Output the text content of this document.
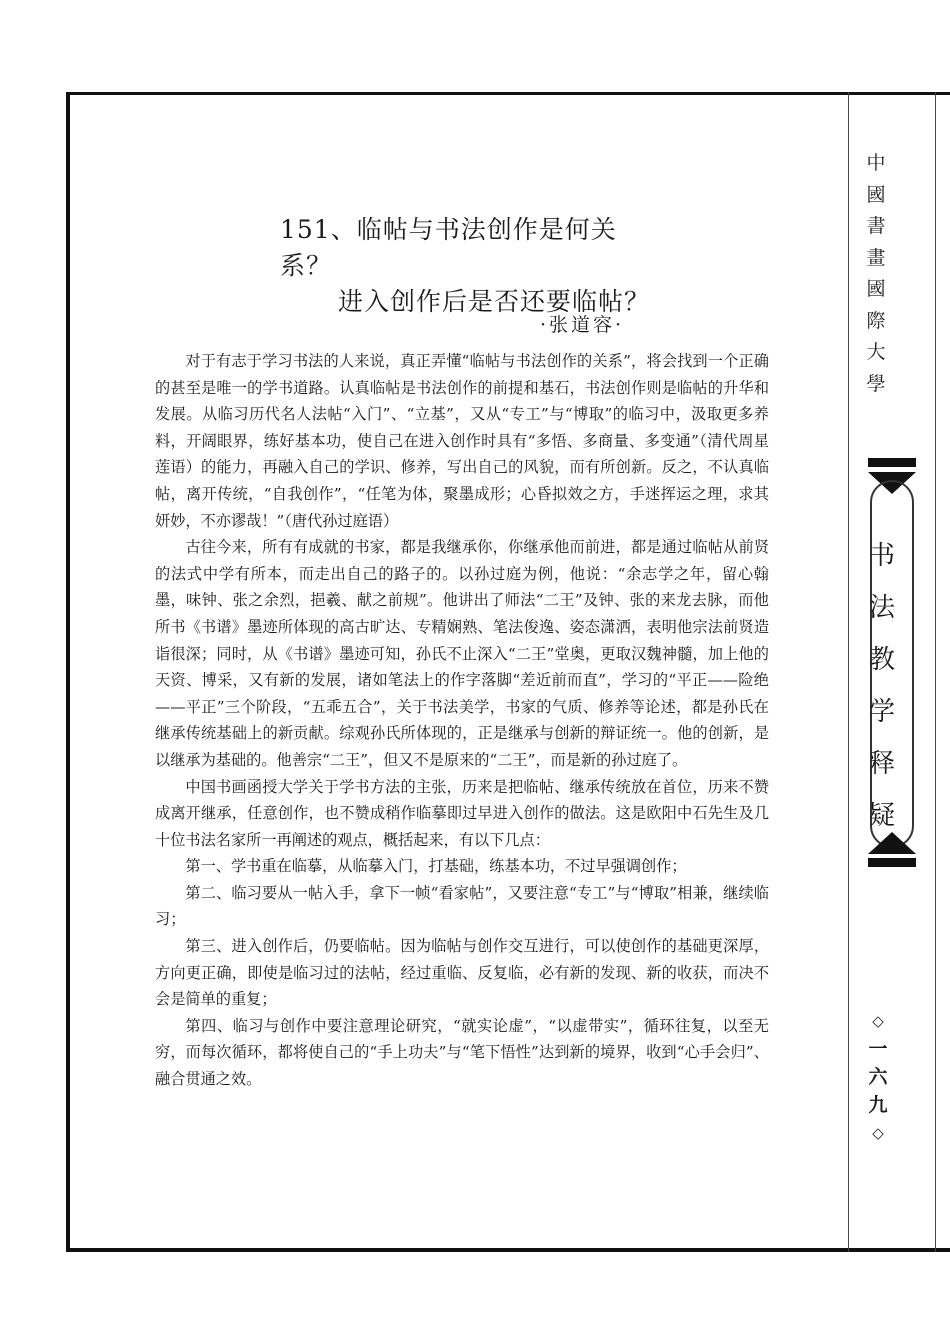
151、临帖与书法创作是何关系？
进入创作后是否还要临帖？
·张道容·

对于有志于学习书法的人来说，真正弄懂“临帖与书法创作的关系”，将会找到一个正确的甚至是唯一的学书道路。认真临帖是书法创作的前提和基石，书法创作则是临帖的升华和发展。从临习历代名人法帖“入门”、“立基”，又从“专工”与“博取”的临习中，汲取更多养料，开阔眼界，练好基本功，使自己在进入创作时具有“多悟、多商量、多变通”（清代周星莲语）的能力，再融入自己的学识、修养，写出自己的风貌，而有所创新。反之，不认真临帖，离开传统，“自我创作”，“任笔为体，聚墨成形；心昏拟效之方，手迷挥运之理，求其妍妙，不亦谬哉！”（唐代孙过庭语）

古往今来，所有有成就的书家，都是我继承你，你继承他而前进，都是通过临帖从前贤的法式中学有所本，而走出自己的路子的。以孙过庭为例，他说：“余志学之年，留心翰墨，味钟、张之余烈，挹羲、献之前规”。他讲出了师法“二王”及钟、张的来龙去脉，而他所书《书谱》墨迹所体现的高古旷达、专精娴熟、笔法俊逸、姿态潇洒，表明他宗法前贤造诣很深；同时，从《书谱》墨迹可知，孙氏不止深入“二王”堂奥，更取汉魏神髓，加上他的天资、博采，又有新的发展，诸如笔法上的作字落脚“差近前而直”，学习的“平正——险绝——平正”三个阶段，“五乖五合”，关于书法美学，书家的气质、修养等论述，都是孙氏在继承传统基础上的新贡献。综观孙氏所体现的，正是继承与创新的辩证统一。他的创新，是以继承为基础的。他善宗“二王”，但又不是原来的“二王”，而是新的孙过庭了。

中国书画函授大学关于学书方法的主张，历来是把临帖、继承传统放在首位，历来不赞成离开继承，任意创作，也不赞成稍作临摹即过早进入创作的做法。这是欧阳中石先生及几十位书法名家所一再阐述的观点，概括起来，有以下几点：

第一、学书重在临摹，从临摹入门，打基础，练基本功，不过早强调创作；

第二、临习要从一帖入手，拿下一帧“看家帖”，又要注意“专工”与“博取”相兼，继续临习；

第三、进入创作后，仍要临帖。因为临帖与创作交互进行，可以使创作的基础更深厚，方向更正确，即使是临习过的法帖，经过重临、反复临，必有新的发现、新的收获，而决不会是简单的重复；

第四、临习与创作中要注意理论研究，“就实论虚”，“以虚带实”，循环往复，以至无穷，而每次循环，都将使自己的“手上功夫”与“笔下悟性”达到新的境界，收到“心手会归”、融合贯通之效。

中
國
書
畫
國
際
大
學
书
法
教
学
释
疑
◇
一
六
九
◇
